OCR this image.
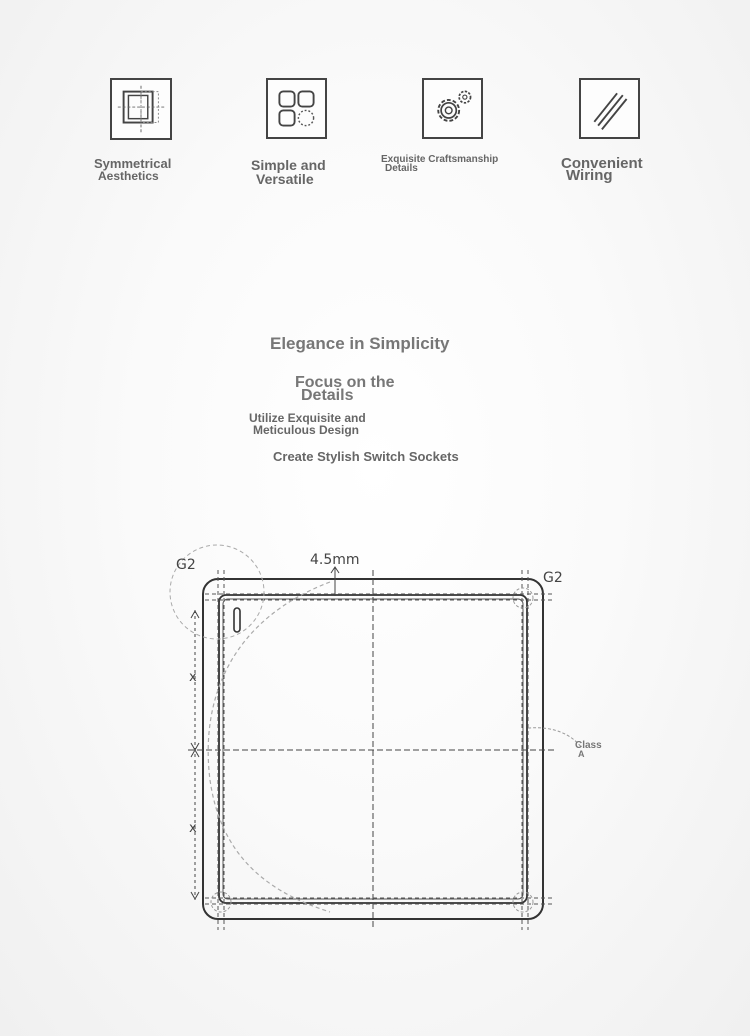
Symmetrical
Aesthetics
Simple and
Versatile
Exquisite Craftsmanship
Details	Convenient
Wiring
Elegance in Simplicity
Focus on the
Details
Utilize Exquisite and
Meticulous Design
Create Stylish Switch Sockets
G2
G2
4.5mm
x
x
Class
A
